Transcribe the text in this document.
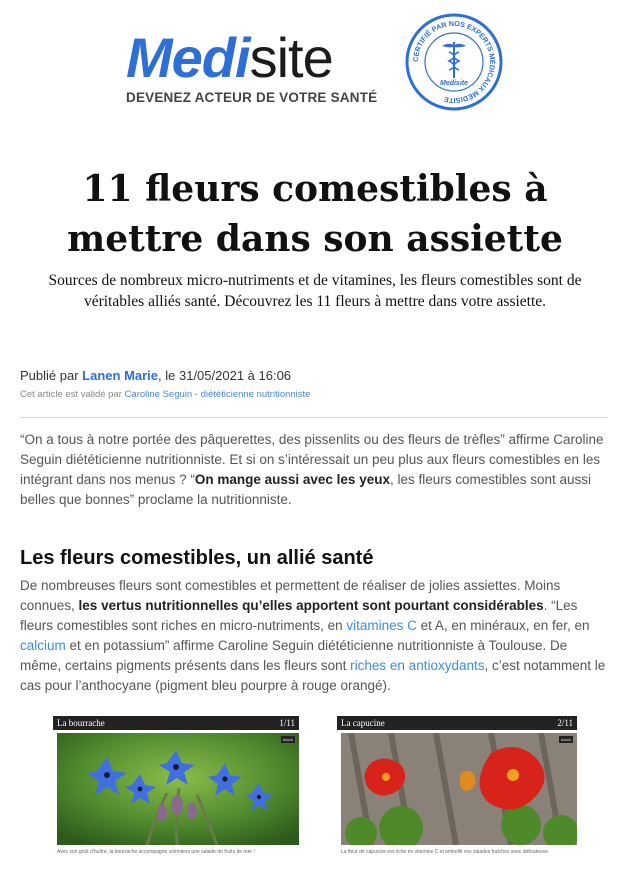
Medisite
DEVENEZ ACTEUR DE VOTRE SANTÉ
CERTIFIÉ PAR NOS EXPERTS MÉDICAUX MÉDISITE
Medisite
11 fleurs comestibles à mettre dans son assiette
Sources de nombreux micro-nutriments et de vitamines, les fleurs comestibles sont de véritables alliés santé. Découvrez les 11 fleurs à mettre dans votre assiette.
Publié par Lanen Marie, le 31/05/2021 à 16:06
Cet article est validé par Caroline Seguin - diététicienne nutritionniste
“On a tous à notre portée des pâquerettes, des pissenlits ou des fleurs de trèfles” affirme Caroline Seguin diététicienne nutritionniste. Et si on s’intéressait un peu plus aux fleurs comestibles en les intégrant dans nos menus ? “On mange aussi avec les yeux, les fleurs comestibles sont aussi belles que bonnes” proclame la nutritionniste.
Les fleurs comestibles, un allié santé
De nombreuses fleurs sont comestibles et permettent de réaliser de jolies assiettes. Moins connues, les vertus nutritionnelles qu’elles apportent sont pourtant considérables. “Les fleurs comestibles sont riches en micro-nutriments, en vitamines C et A, en minéraux, en fer, en calcium et en potassium” affirme Caroline Seguin diététicienne nutritionniste à Toulouse. De même, certains pigments présents dans les fleurs sont riches en antioxydants, c’est notamment le cas pour l’anthocyane (pigment bleu pourpre à rouge orangé).
La bourrache	1/11
istock
Avec son goût d’huître, la bourrache accompagne volontiers une salade de fruits de mer !
La capucine	2/11
istock
La fleur de capucine est riche en vitamine C et embellit vos salades fraîches avec délicatesse.
